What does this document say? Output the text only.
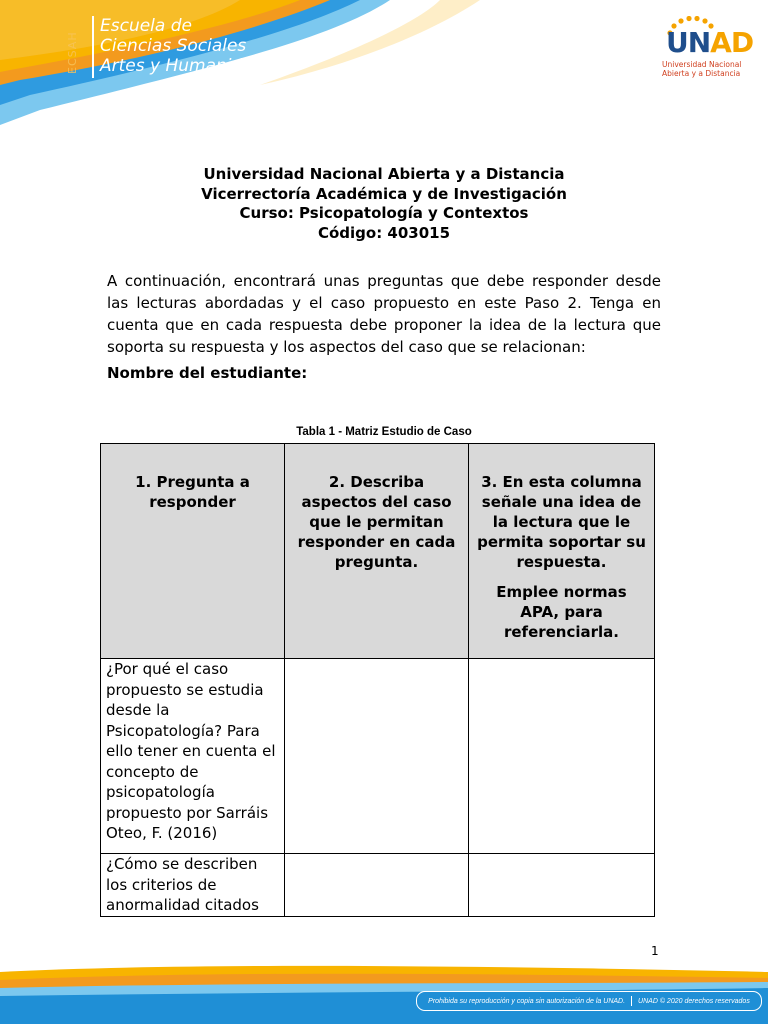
ECSAH
Escuela de
Ciencias Sociales
Artes y Humanidades
UNAD
Universidad Nacional
Abierta y a Distancia
Universidad Nacional Abierta y a Distancia
Vicerrectoría Académica y de Investigación
Curso: Psicopatología y Contextos
Código: 403015

A continuación, encontrará unas preguntas que debe responder desde las lecturas abordadas y el caso propuesto en este Paso 2. Tenga en cuenta que en cada respuesta debe proponer la idea de la lectura que soporta su respuesta y los aspectos del caso que se relacionan:

Nombre del estudiante:
Tabla 1 - Matriz Estudio de Caso

1. Pregunta a responder	2. Describa aspectos del caso que le permitan responder en cada pregunta.	3. En esta columna señale una idea de la lectura que le permita soportar su respuesta.

Emplee normas APA, para referenciarla.

¿Por qué el caso propuesto se estudia desde la Psicopatología? Para ello tener en cuenta el concepto de psicopatología propuesto por Sarráis Oteo, F. (2016)		
¿Cómo se describen los criterios de anormalidad citados		
1
Prohibida su reproducción y copia sin autorización de la UNAD. UNAD © 2020 derechos reservados
